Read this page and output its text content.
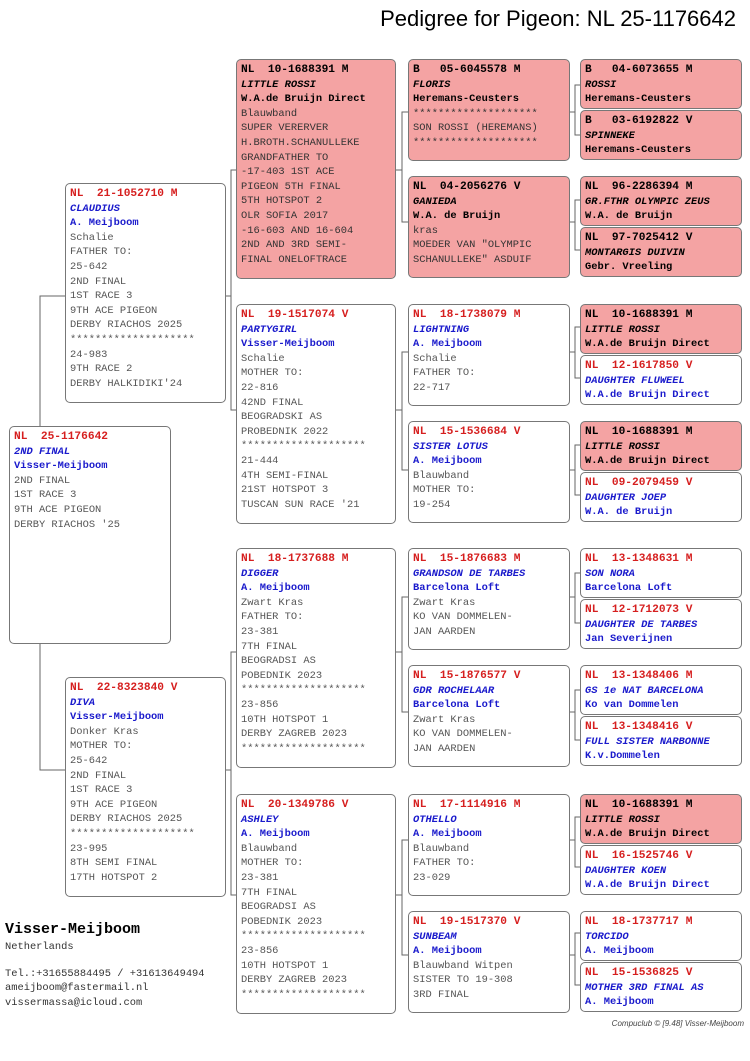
Pedigree for Pigeon: NL 25-1176642
NL  25-1176642
2ND FINAL
Visser-Meijboom
2ND FINAL
1ST RACE 3
9TH ACE PIGEON
DERBY RIACHOS '25
NL  21-1052710 M
CLAUDIUS
A. Meijboom
Schalie
FATHER TO:
25-642
2ND FINAL
1ST RACE 3
9TH ACE PIGEON
DERBY RIACHOS 2025
********************
24-983
9TH RACE 2
DERBY HALKIDIKI'24
NL  22-8323840 V
DIVA
Visser-Meijboom
Donker Kras
MOTHER TO:
25-642
2ND FINAL
1ST RACE 3
9TH ACE PIGEON
DERBY RIACHOS 2025
********************
23-995
8TH SEMI FINAL
17TH HOTSPOT 2
NL  10-1688391 M
LITTLE ROSSI
W.A.de Bruijn Direct
Blauwband
SUPER VERERVER
H.BROTH.SCHANULLEKE
GRANDFATHER TO
-17-403 1ST ACE
PIGEON 5TH FINAL
5TH HOTSPOT 2
OLR SOFIA 2017
-16-603 AND 16-604
2ND AND 3RD SEMI-
FINAL ONELOFTRACE
NL  19-1517074 V
PARTYGIRL
Visser-Meijboom
Schalie
MOTHER TO:
22-816
42ND FINAL
BEOGRADSKI AS
PROBEDNIK 2022
********************
21-444
4TH SEMI-FINAL
21ST HOTSPOT 3
TUSCAN SUN RACE '21
NL  18-1737688 M
DIGGER
A. Meijboom
Zwart Kras
FATHER TO:
23-381
7TH FINAL
BEOGRADSI AS
POBEDNIK 2023
********************
23-856
10TH HOTSPOT 1
DERBY ZAGREB 2023
********************
NL  20-1349786 V
ASHLEY
A. Meijboom
Blauwband
MOTHER TO:
23-381
7TH FINAL
BEOGRADSI AS
POBEDNIK 2023
********************
23-856
10TH HOTSPOT 1
DERBY ZAGREB 2023
********************
B   05-6045578 M
FLORIS
Heremans-Ceusters
********************
SON ROSSI (HEREMANS)
********************
NL  04-2056276 V
GANIEDA
W.A. de Bruijn
kras
MOEDER VAN "OLYMPIC
SCHANULLEKE" ASDUIF
NL  18-1738079 M
LIGHTNING
A. Meijboom
Schalie
FATHER TO:
22-717
NL  15-1536684 V
SISTER LOTUS
A. Meijboom
Blauwband
MOTHER TO:
19-254
NL  15-1876683 M
GRANDSON DE TARBES
Barcelona Loft
Zwart Kras
KO VAN DOMMELEN-
JAN AARDEN
NL  15-1876577 V
GDR ROCHELAAR
Barcelona Loft
Zwart Kras
KO VAN DOMMELEN-
JAN AARDEN
NL  17-1114916 M
OTHELLO
A. Meijboom
Blauwband
FATHER TO:
23-029
NL  19-1517370 V
SUNBEAM
A. Meijboom
Blauwband Witpen
SISTER TO 19-308
3RD FINAL
B   04-6073655 M
ROSSI
Heremans-Ceusters
B   03-6192822 V
SPINNEKE
Heremans-Ceusters
NL  96-2286394 M
GR.FTHR OLYMPIC ZEUS
W.A. de Bruijn
NL  97-7025412 V
MONTARGIS DUIVIN
Gebr. Vreeling
NL  10-1688391 M
LITTLE ROSSI
W.A.de Bruijn Direct
NL  12-1617850 V
DAUGHTER FLUWEEL
W.A.de Bruijn Direct
NL  10-1688391 M
LITTLE ROSSI
W.A.de Bruijn Direct
NL  09-2079459 V
DAUGHTER JOEP
W.A. de Bruijn
NL  13-1348631 M
SON NORA
Barcelona Loft
NL  12-1712073 V
DAUGHTER DE TARBES
Jan Severijnen
NL  13-1348406 M
GS 1e NAT BARCELONA
Ko van Dommelen
NL  13-1348416 V
FULL SISTER NARBONNE
K.v.Dommelen
NL  10-1688391 M
LITTLE ROSSI
W.A.de Bruijn Direct
NL  16-1525746 V
DAUGHTER KOEN
W.A.de Bruijn Direct
NL  18-1737717 M
TORCIDO
A. Meijboom
NL  15-1536825 V
MOTHER 3RD FINAL AS
A. Meijboom
Visser-Meijboom
Netherlands
Tel.:+31655884495 / +31613649494
ameijboom@fastermail.nl
vissermassa@icloud.com
Compuclub © [9.48] Visser-Meijboom
